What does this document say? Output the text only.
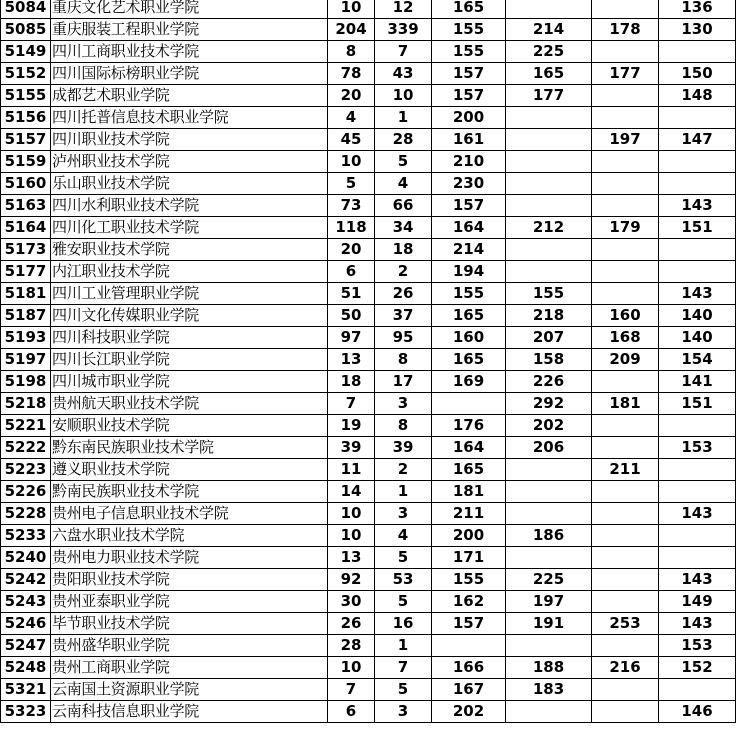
5084	重庆文化艺术职业学院	10	12	165			136
5085	重庆服装工程职业学院	204	339	155	214	178	130
5149	四川工商职业技术学院	8	7	155	225		
5152	四川国际标榜职业学院	78	43	157	165	177	150
5155	成都艺术职业学院	20	10	157	177		148
5156	四川托普信息技术职业学院	4	1	200			
5157	四川职业技术学院	45	28	161		197	147
5159	泸州职业技术学院	10	5	210			
5160	乐山职业技术学院	5	4	230			
5163	四川水利职业技术学院	73	66	157			143
5164	四川化工职业技术学院	118	34	164	212	179	151
5173	雅安职业技术学院	20	18	214			
5177	内江职业技术学院	6	2	194			
5181	四川工业管理职业学院	51	26	155	155		143
5187	四川文化传媒职业学院	50	37	165	218	160	140
5193	四川科技职业学院	97	95	160	207	168	140
5197	四川长江职业学院	13	8	165	158	209	154
5198	四川城市职业学院	18	17	169	226		141
5218	贵州航天职业技术学院	7	3		292	181	151
5221	安顺职业技术学院	19	8	176	202		
5222	黔东南民族职业技术学院	39	39	164	206		153
5223	遵义职业技术学院	11	2	165		211	
5226	黔南民族职业技术学院	14	1	181			
5228	贵州电子信息职业技术学院	10	3	211			143
5233	六盘水职业技术学院	10	4	200	186		
5240	贵州电力职业技术学院	13	5	171			
5242	贵阳职业技术学院	92	53	155	225		143
5243	贵州亚泰职业学院	30	5	162	197		149
5246	毕节职业技术学院	26	16	157	191	253	143
5247	贵州盛华职业学院	28	1				153
5248	贵州工商职业学院	10	7	166	188	216	152
5321	云南国土资源职业学院	7	5	167	183		
5323	云南科技信息职业学院	6	3	202			146
